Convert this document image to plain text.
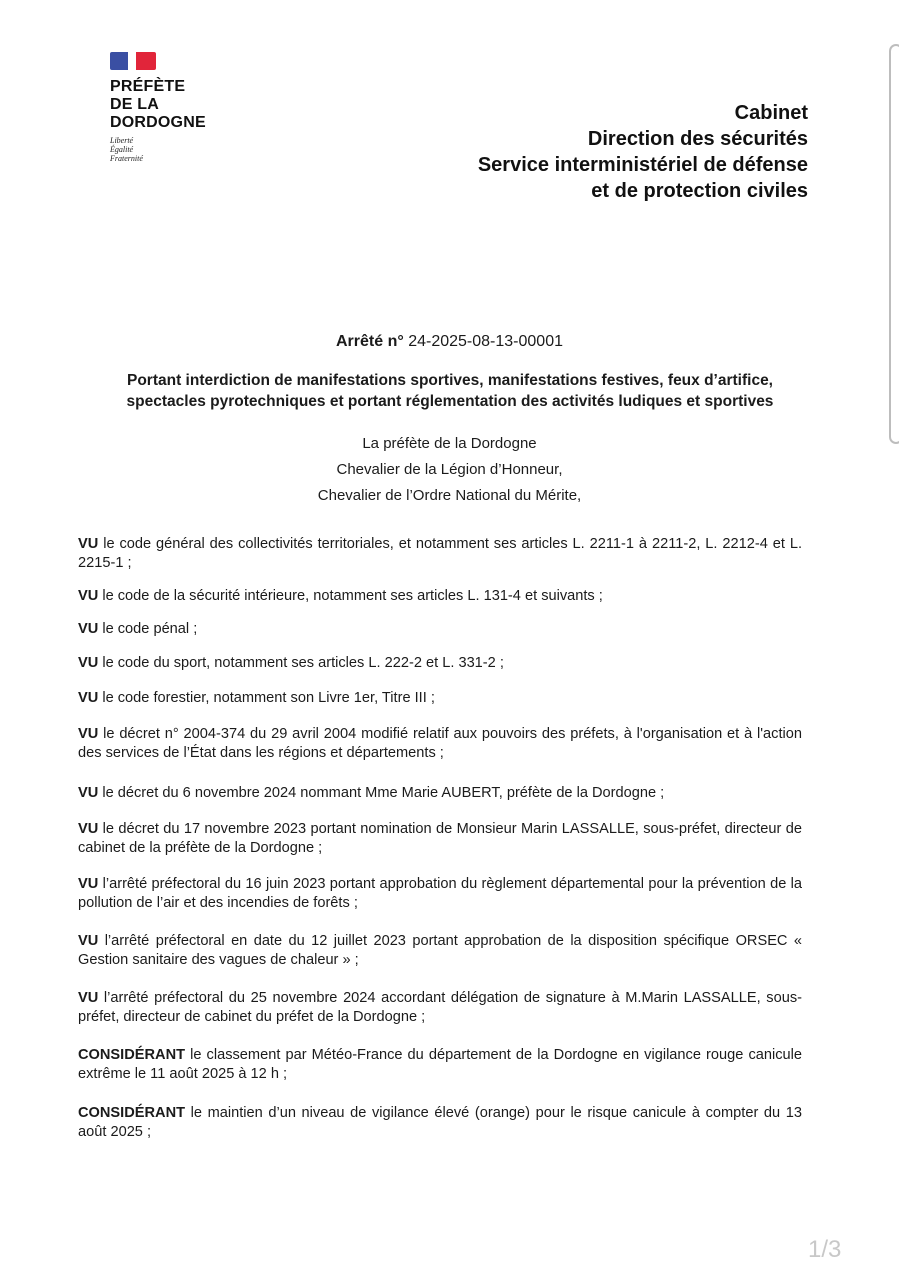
PRÉFÈTE
DE LA
DORDOGNE
Liberté
Égalité
Fraternité
Cabinet
Direction des sécurités
Service interministériel de défense
et de protection civiles
Arrêté n° 24-2025-08-13-00001
Portant interdiction de manifestations sportives, manifestations festives, feux d’artifice,
spectacles pyrotechniques et portant réglementation des activités ludiques et sportives
La préfète de la Dordogne
Chevalier de la Légion d’Honneur,
Chevalier de l’Ordre National du Mérite,
VU le code général des collectivités territoriales, et notamment ses articles L. 2211-1 à 2211-2, L. 2212-4 et L. 2215-1 ;
VU le code de la sécurité intérieure, notamment ses articles L. 131-4 et suivants ;
VU le code pénal ;
VU le code du sport, notamment ses articles L. 222-2 et L. 331-2 ;
VU le code forestier, notamment son Livre 1er, Titre III ;
VU le décret n° 2004-374 du 29 avril 2004 modifié relatif aux pouvoirs des préfets, à l'organisation et à l'action des services de l’État dans les régions et départements ;
VU le décret du 6 novembre 2024 nommant Mme Marie AUBERT, préfète de la Dordogne ;
VU le décret du 17 novembre 2023 portant nomination de Monsieur Marin LASSALLE, sous-préfet, directeur de cabinet de la préfète de la Dordogne ;
VU l’arrêté préfectoral du 16 juin 2023 portant approbation du règlement départemental pour la prévention de la pollution de l’air et des incendies de forêts ;
VU l’arrêté préfectoral en date du 12 juillet 2023 portant approbation de la disposition spécifique ORSEC « Gestion sanitaire des vagues de chaleur » ;
VU l’arrêté préfectoral du 25 novembre 2024 accordant délégation de signature à M.Marin LASSALLE, sous-préfet, directeur de cabinet du préfet de la Dordogne ;
CONSIDÉRANT le classement par Météo-France du département de la Dordogne en vigilance rouge canicule extrême le 11 août 2025 à 12 h ;
CONSIDÉRANT le maintien d’un niveau de vigilance élevé (orange) pour le risque canicule à compter du 13 août 2025 ;
1/3
